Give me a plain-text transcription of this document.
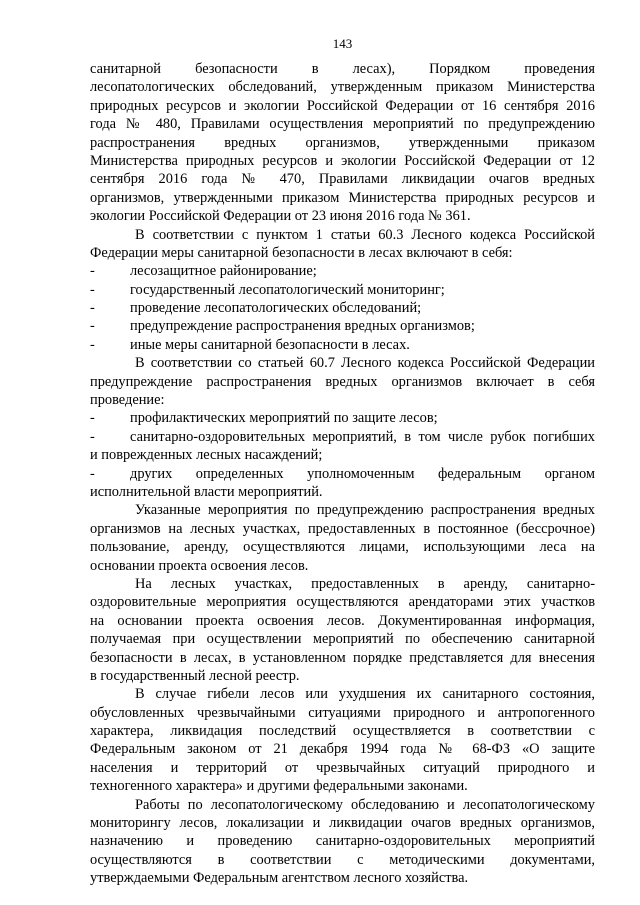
143
санитарной безопасности в лесах), Порядком проведения
лесопатологических обследований, утвержденным приказом Министерства
природных ресурсов и экологии Российской Федерации от 16 сентября 2016
года № 480, Правилами осуществления мероприятий по предупреждению
распространения вредных организмов, утвержденными приказом
Министерства природных ресурсов и экологии Российской Федерации от 12
сентября 2016 года № 470, Правилами ликвидации очагов вредных
организмов, утвержденными приказом Министерства природных ресурсов и
экологии Российской Федерации от 23 июня 2016 года № 361.
В соответствии с пунктом 1 статьи 60.3 Лесного кодекса Российской
Федерации меры санитарной безопасности в лесах включают в себя:
- лесозащитное районирование;
- государственный лесопатологический мониторинг;
- проведение лесопатологических обследований;
- предупреждение распространения вредных организмов;
- иные меры санитарной безопасности в лесах.
В соответствии со статьей 60.7 Лесного кодекса Российской Федерации
предупреждение распространения вредных организмов включает в себя
проведение:
- профилактических мероприятий по защите лесов;
- санитарно-оздоровительных мероприятий, в том числе рубок погибших
и поврежденных лесных насаждений;
- других определенных уполномоченным федеральным органом
исполнительной власти мероприятий.
Указанные мероприятия по предупреждению распространения вредных
организмов на лесных участках, предоставленных в постоянное (бессрочное)
пользование, аренду, осуществляются лицами, использующими леса на
основании проекта освоения лесов.
На лесных участках, предоставленных в аренду, санитарно-
оздоровительные мероприятия осуществляются арендаторами этих участков
на основании проекта освоения лесов. Документированная информация,
получаемая при осуществлении мероприятий по обеспечению санитарной
безопасности в лесах, в установленном порядке представляется для внесения
в государственный лесной реестр.
В случае гибели лесов или ухудшения их санитарного состояния,
обусловленных чрезвычайными ситуациями природного и антропогенного
характера, ликвидация последствий осуществляется в соответствии с
Федеральным законом от 21 декабря 1994 года № 68-ФЗ «О защите
населения и территорий от чрезвычайных ситуаций природного и
техногенного характера» и другими федеральными законами.
Работы по лесопатологическому обследованию и лесопатологическому
мониторингу лесов, локализации и ликвидации очагов вредных организмов,
назначению и проведению санитарно-оздоровительных мероприятий
осуществляются в соответствии с методическими документами,
утверждаемыми Федеральным агентством лесного хозяйства.
